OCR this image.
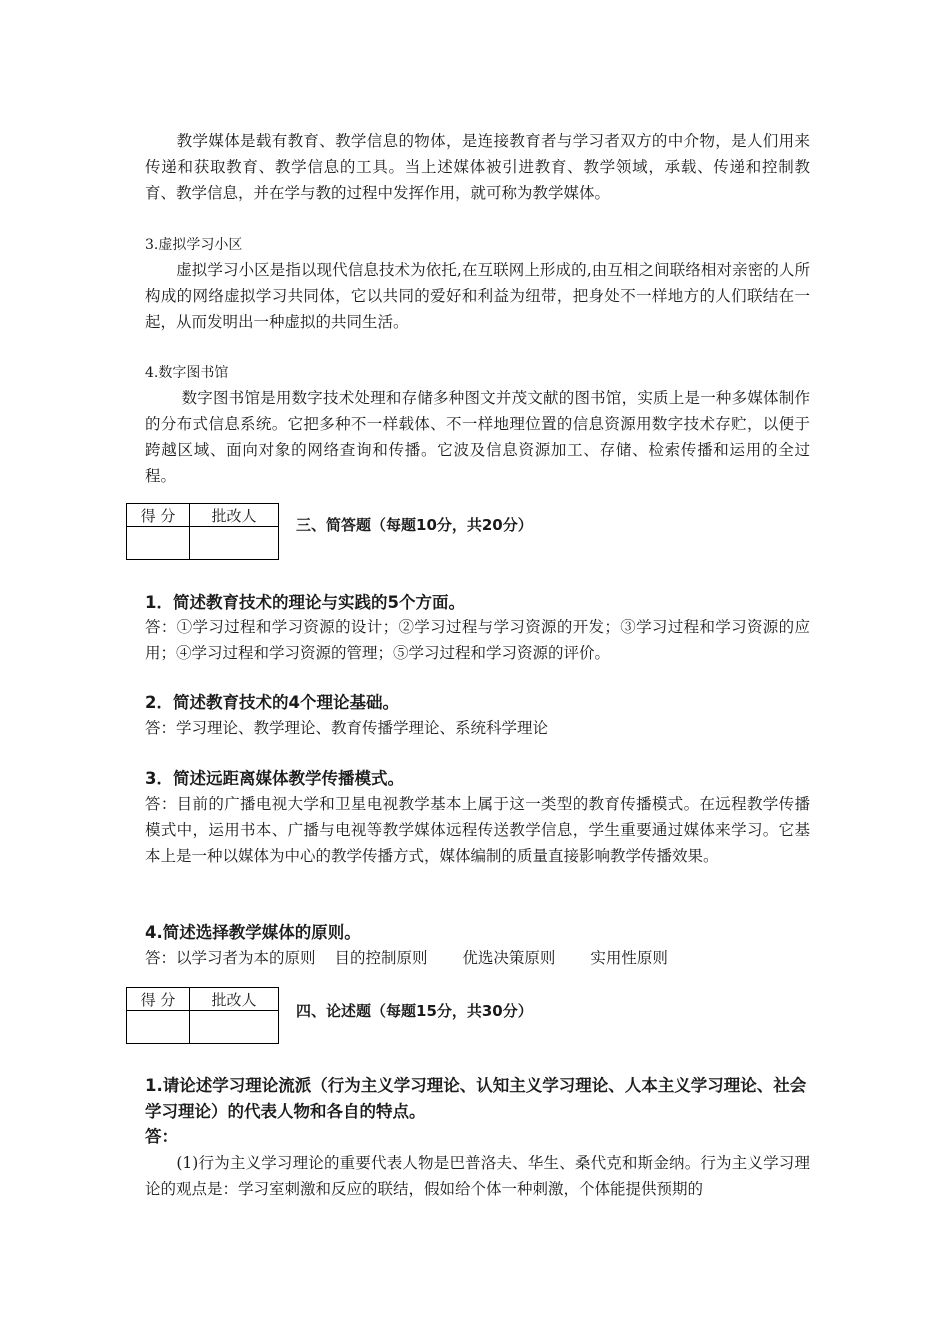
　　教学媒体是载有教育、教学信息的物体，是连接教育者与学习者双方的中介物，是人们用来传递和获取教育、教学信息的工具。当上述媒体被引进教育、教学领域，承载、传递和控制教育、教学信息，并在学与教的过程中发挥作用，就可称为教学媒体。

3.虚拟学习小区

　　虚拟学习小区是指以现代信息技术为依托,在互联网上形成的,由互相之间联络相对亲密的人所构成的网络虚拟学习共同体，它以共同的爱好和利益为纽带，把身处不一样地方的人们联结在一起，从而发明出一种虚拟的共同生活。

4.数字图书馆

　　 数字图书馆是用数字技术处理和存储多种图文并茂文献的图书馆，实质上是一种多媒体制作的分布式信息系统。它把多种不一样载体、不一样地理位置的信息资源用数字技术存贮，以便于跨越区域、面向对象的网络查询和传播。它波及信息资源加工、存储、检索传播和运用的全过程。

得 分	批改人

三、简答题（每题10分，共20分）

1．简述教育技术的理论与实践的5个方面。

答：①学习过程和学习资源的设计；②学习过程与学习资源的开发；③学习过程和学习资源的应用；④学习过程和学习资源的管理；⑤学习过程和学习资源的评价。

2．简述教育技术的4个理论基础。

答：学习理论、教学理论、教育传播学理论、系统科学理论

3．简述远距离媒体教学传播模式。

答：目前的广播电视大学和卫星电视教学基本上属于这一类型的教育传播模式。在远程教学传播模式中，运用书本、广播与电视等教学媒体远程传送教学信息，学生重要通过媒体来学习。它基本上是一种以媒体为中心的教学传播方式，媒体编制的质量直接影响教学传播效果。

4.简述选择教学媒体的原则。

答：以学习者为本的原则 目的控制原则 优选决策原则 实用性原则

得 分	批改人

四、论述题（每题15分，共30分）

1.请论述学习理论流派（行为主义学习理论、认知主义学习理论、人本主义学习理论、社会学习理论）的代表人物和各自的特点。

答：

　　(1)行为主义学习理论的重要代表人物是巴普洛夫、华生、桑代克和斯金纳。行为主义学习理论的观点是：学习室刺激和反应的联结，假如给个体一种刺激，个体能提供预期的
